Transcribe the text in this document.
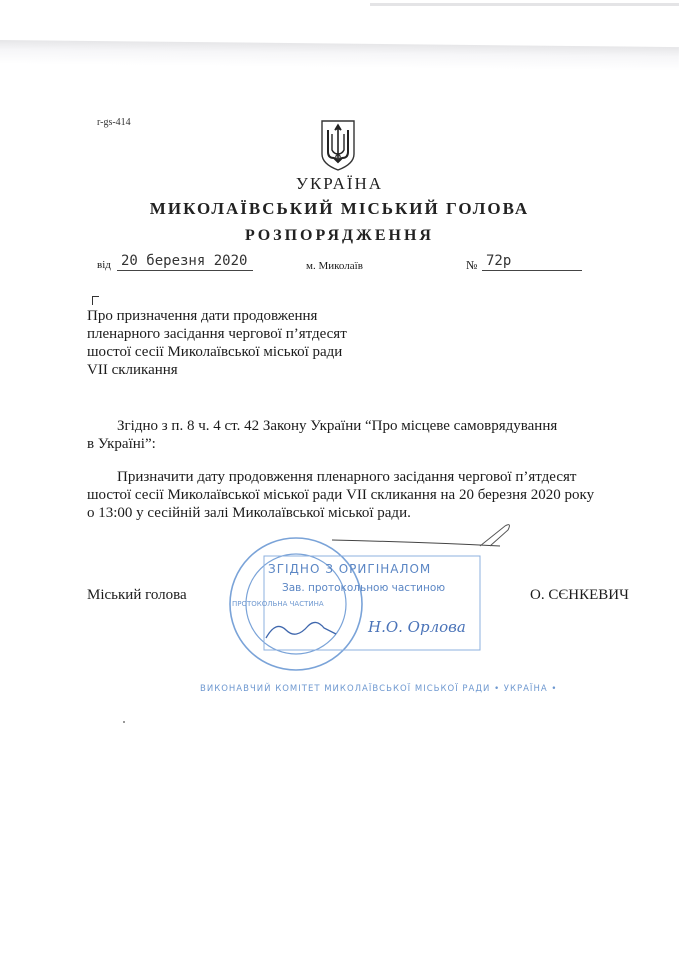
r-gs-414
УКРАЇНА
МИКОЛАЇВСЬКИЙ МІСЬКИЙ ГОЛОВА
РОЗПОРЯДЖЕННЯ
від 20 березня 2020	м. Миколаїв	№ 72р
Про призначення дати продовження
пленарного засідання чергової п’ятдесят
шостої сесії Миколаївської міської ради
VII скликання
Згідно з п. 8 ч. 4 ст. 42 Закону України “Про місцеве самоврядування
в Україні”:
Призначити дату продовження пленарного засідання чергової п’ятдесят
шостої сесії Миколаївської міської ради VII скликання на 20 березня 2020 року
о 13:00 у сесійній залі Миколаївської міської ради.
Міський голова	О. СЄНКЕВИЧ
ЗГІДНО З ОРИГІНАЛОМ
Зав. протокольною частиною
ПРОТОКОЛЬНА ЧАСТИНА
Н.О. Орлова
ВИКОНАВЧИЙ КОМІТЕТ МИКОЛАЇВСЬКОЇ МІСЬКОЇ РАДИ • УКРАЇНА •
